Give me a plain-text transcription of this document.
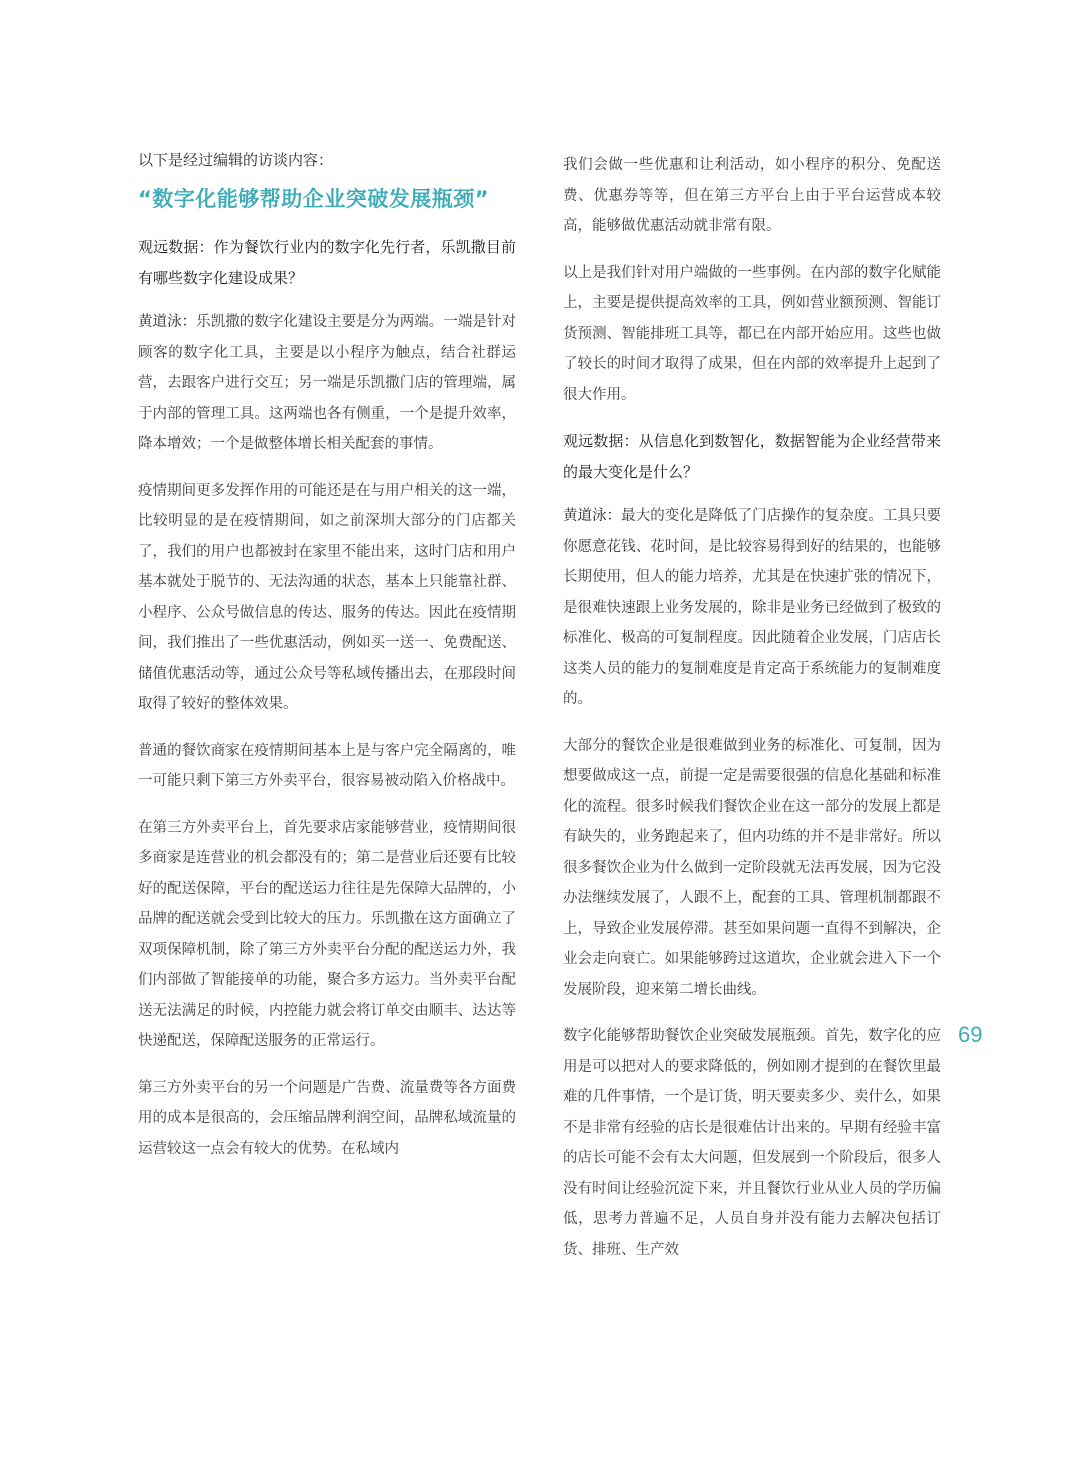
以下是经过编辑的访谈内容：

“数字化能够帮助企业突破发展瓶颈”

观远数据：作为餐饮行业内的数字化先行者，乐凯撒目前有哪些数字化建设成果？

黄道泳：乐凯撒的数字化建设主要是分为两端。一端是针对顾客的数字化工具，主要是以小程序为触点，结合社群运营，去跟客户进行交互；另一端是乐凯撒门店的管理端，属于内部的管理工具。这两端也各有侧重，一个是提升效率，降本增效；一个是做整体增长相关配套的事情。

疫情期间更多发挥作用的可能还是在与用户相关的这一端，比较明显的是在疫情期间，如之前深圳大部分的门店都关了，我们的用户也都被封在家里不能出来，这时门店和用户基本就处于脱节的、无法沟通的状态，基本上只能靠社群、小程序、公众号做信息的传达、服务的传达。因此在疫情期间，我们推出了一些优惠活动，例如买一送一、免费配送、储值优惠活动等，通过公众号等私域传播出去，在那段时间取得了较好的整体效果。

普通的餐饮商家在疫情期间基本上是与客户完全隔离的，唯一可能只剩下第三方外卖平台，很容易被动陷入价格战中。

在第三方外卖平台上，首先要求店家能够营业，疫情期间很多商家是连营业的机会都没有的；第二是营业后还要有比较好的配送保障，平台的配送运力往往是先保障大品牌的，小品牌的配送就会受到比较大的压力。乐凯撒在这方面确立了双项保障机制，除了第三方外卖平台分配的配送运力外，我们内部做了智能接单的功能，聚合多方运力。当外卖平台配送无法满足的时候，内控能力就会将订单交由顺丰、达达等快递配送，保障配送服务的正常运行。

第三方外卖平台的另一个问题是广告费、流量费等各方面费用的成本是很高的，会压缩品牌利润空间，品牌私域流量的运营较这一点会有较大的优势。在私域内

我们会做一些优惠和让利活动，如小程序的积分、免配送费、优惠券等等，但在第三方平台上由于平台运营成本较高，能够做优惠活动就非常有限。

以上是我们针对用户端做的一些事例。在内部的数字化赋能上，主要是提供提高效率的工具，例如营业额预测、智能订货预测、智能排班工具等，都已在内部开始应用。这些也做了较长的时间才取得了成果，但在内部的效率提升上起到了很大作用。

观远数据：从信息化到数智化，数据智能为企业经营带来的最大变化是什么？

黄道泳：最大的变化是降低了门店操作的复杂度。工具只要你愿意花钱、花时间，是比较容易得到好的结果的，也能够长期使用，但人的能力培养，尤其是在快速扩张的情况下，是很难快速跟上业务发展的，除非是业务已经做到了极致的标准化、极高的可复制程度。因此随着企业发展，门店店长这类人员的能力的复制难度是肯定高于系统能力的复制难度的。

大部分的餐饮企业是很难做到业务的标准化、可复制，因为想要做成这一点，前提一定是需要很强的信息化基础和标准化的流程。很多时候我们餐饮企业在这一部分的发展上都是有缺失的，业务跑起来了，但内功练的并不是非常好。所以很多餐饮企业为什么做到一定阶段就无法再发展，因为它没办法继续发展了，人跟不上，配套的工具、管理机制都跟不上，导致企业发展停滞。甚至如果问题一直得不到解决，企业会走向衰亡。如果能够跨过这道坎，企业就会进入下一个发展阶段，迎来第二增长曲线。

数字化能够帮助餐饮企业突破发展瓶颈。首先，数字化的应用是可以把对人的要求降低的，例如刚才提到的在餐饮里最难的几件事情，一个是订货，明天要卖多少、卖什么，如果不是非常有经验的店长是很难估计出来的。早期有经验丰富的店长可能不会有太大问题，但发展到一个阶段后，很多人没有时间让经验沉淀下来，并且餐饮行业从业人员的学历偏低，思考力普遍不足，人员自身并没有能力去解决包括订货、排班、生产效

69
